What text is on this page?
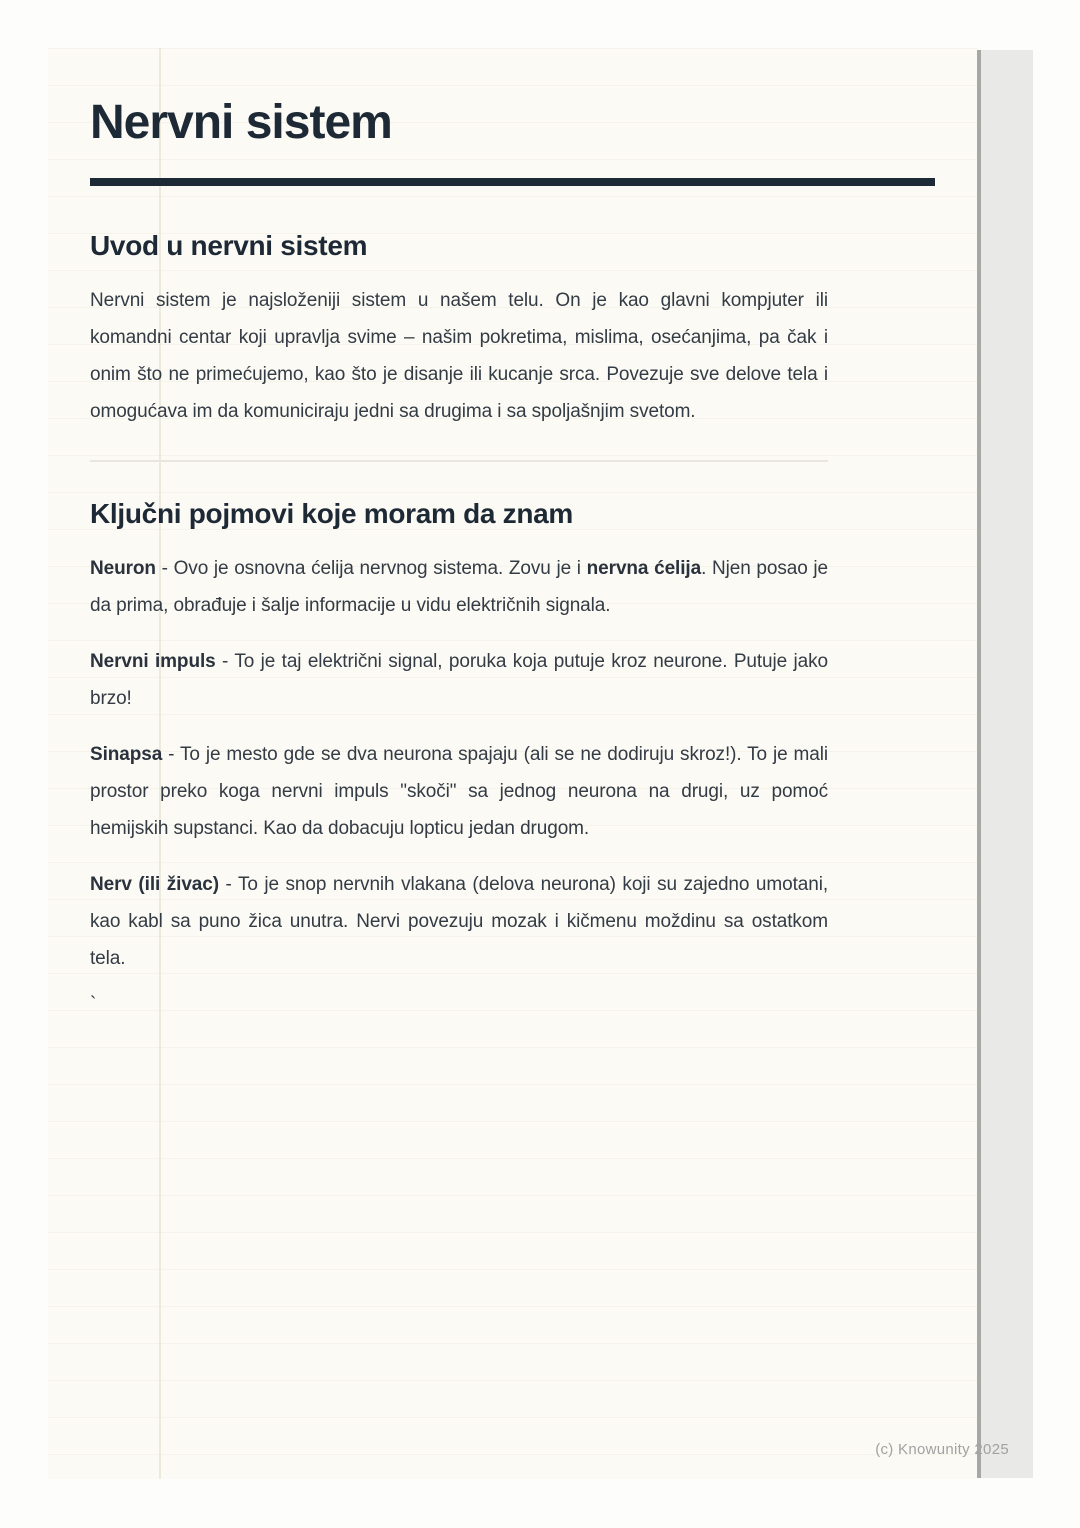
Nervni sistem
Uvod u nervni sistem

Nervni sistem je najsloženiji sistem u našem telu. On je kao glavni kompjuter ili komandni centar koji upravlja svime – našim pokretima, mislima, osećanjima, pa čak i onim što ne primećujemo, kao što je disanje ili kucanje srca. Povezuje sve delove tela i omogućava im da komuniciraju jedni sa drugima i sa spoljašnjim svetom.

Ključni pojmovi koje moram da znam

Neuron - Ovo je osnovna ćelija nervnog sistema. Zovu je i nervna ćelija. Njen posao je da prima, obrađuje i šalje informacije u vidu električnih signala.

Nervni impuls - To je taj električni signal, poruka koja putuje kroz neurone. Putuje jako brzo!

Sinapsa - To je mesto gde se dva neurona spajaju (ali se ne dodiruju skroz!). To je mali prostor preko koga nervni impuls "skoči" sa jednog neurona na drugi, uz pomoć hemijskih supstanci. Kao da dobacuju lopticu jedan drugom.

Nerv (ili živac) - To je snop nervnih vlakana (delova neurona) koji su zajedno umotani, kao kabl sa puno žica unutra. Nervi povezuju mozak i kičmenu moždinu sa ostatkom tela.

`

(c) Knowunity 2025
